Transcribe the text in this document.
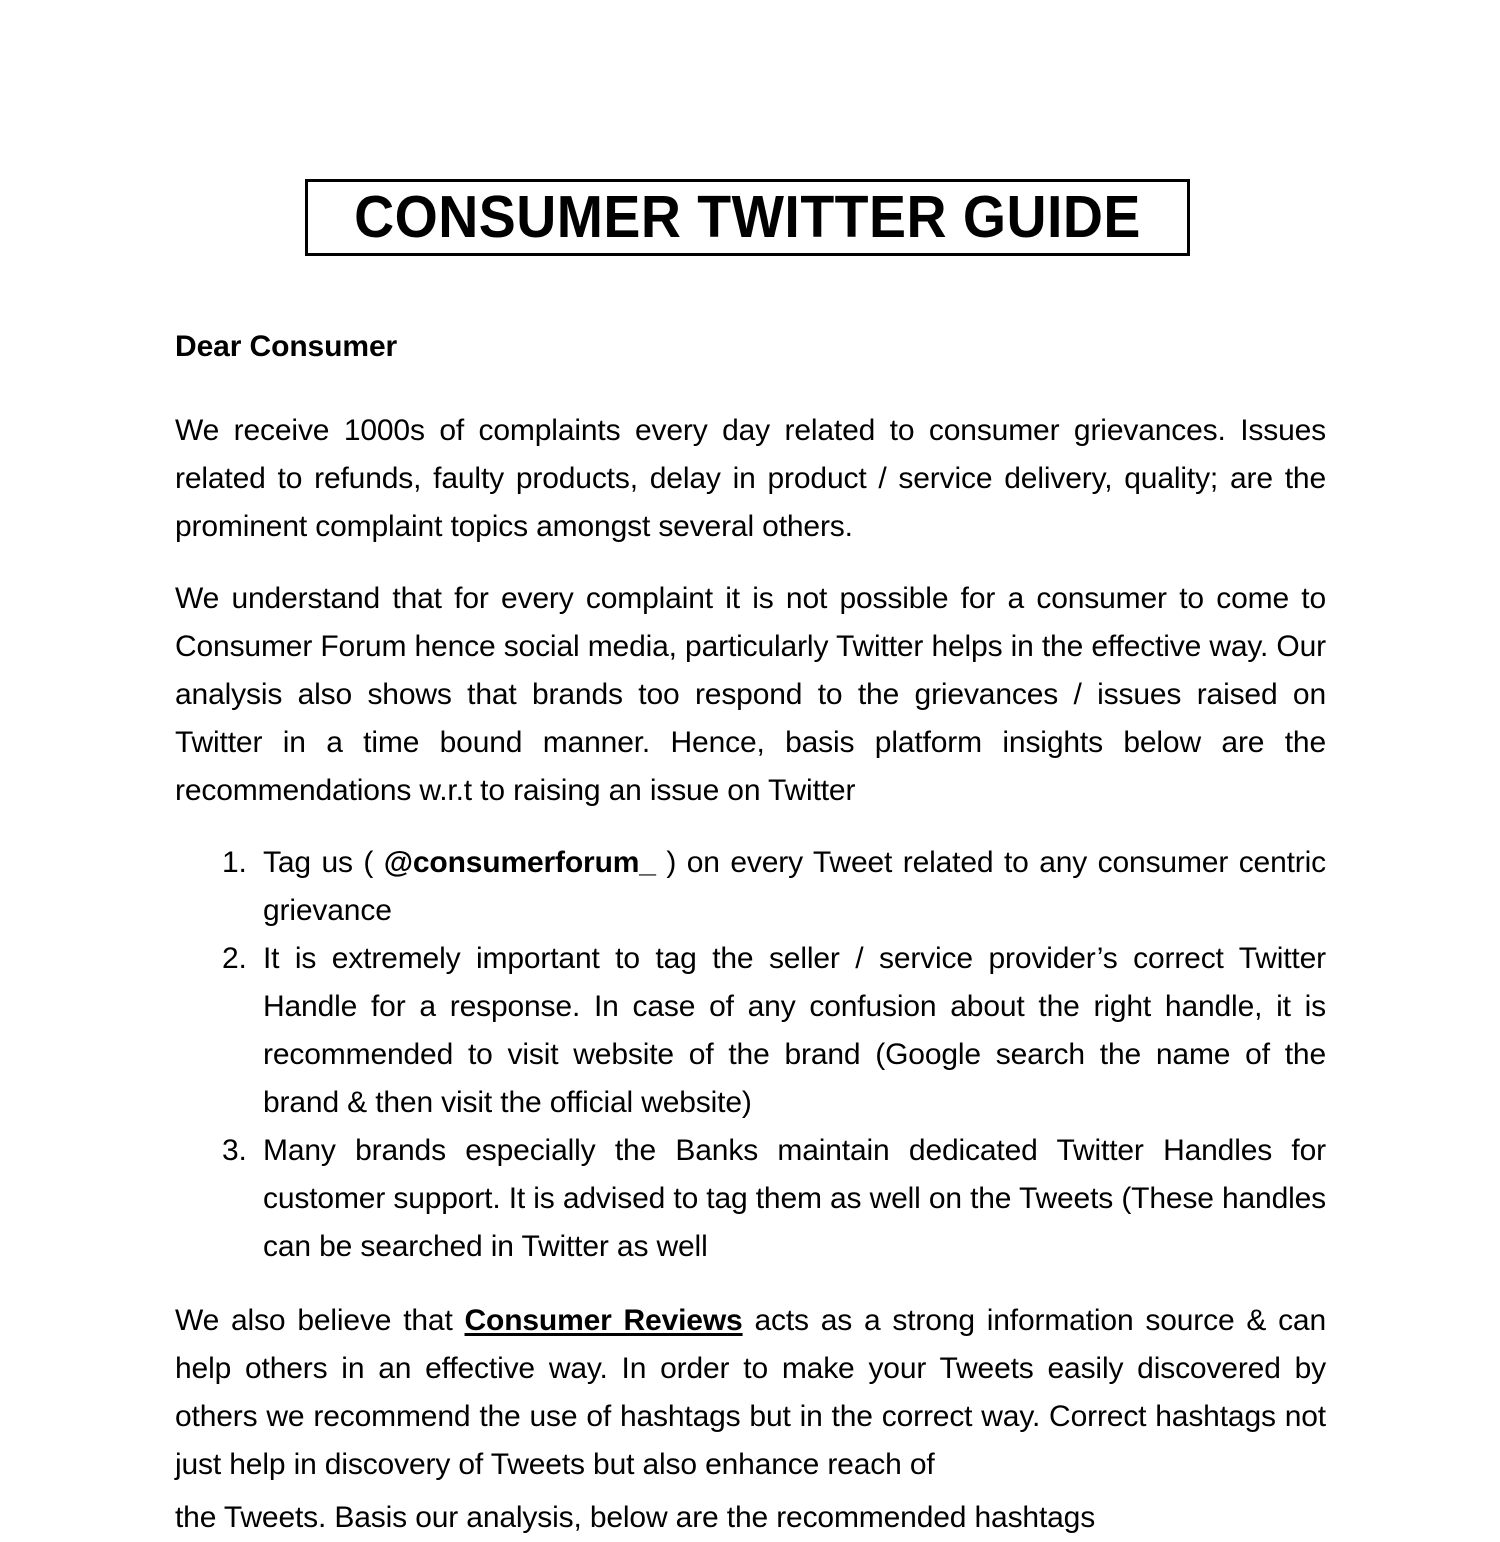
CONSUMER TWITTER GUIDE
Dear Consumer

We receive 1000s of complaints every day related to consumer grievances. Issues related to refunds, faulty products, delay in product / service delivery, quality; are the prominent complaint topics amongst several others.

We understand that for every complaint it is not possible for a consumer to come to Consumer Forum hence social media, particularly Twitter helps in the effective way. Our analysis also shows that brands too respond to the grievances / issues raised on Twitter in a time bound manner. Hence, basis platform insights below are the recommendations w.r.t to raising an issue on Twitter

Tag us ( @consumerforum_ ) on every Tweet related to any consumer centric grievance
It is extremely important to tag the seller / service provider’s correct Twitter Handle for a response. In case of any confusion about the right handle, it is recommended to visit website of the brand (Google search the name of the brand & then visit the official website)
Many brands especially the Banks maintain dedicated Twitter Handles for customer support. It is advised to tag them as well on the Tweets (These handles can be searched in Twitter as well

We also believe that Consumer Reviews acts as a strong information source & can help others in an effective way. In order to make your Tweets easily discovered by others we recommend the use of hashtags but in the correct way. Correct hashtags not just help in discovery of Tweets but also enhance reach of

the Tweets. Basis our analysis, below are the recommended hashtags
